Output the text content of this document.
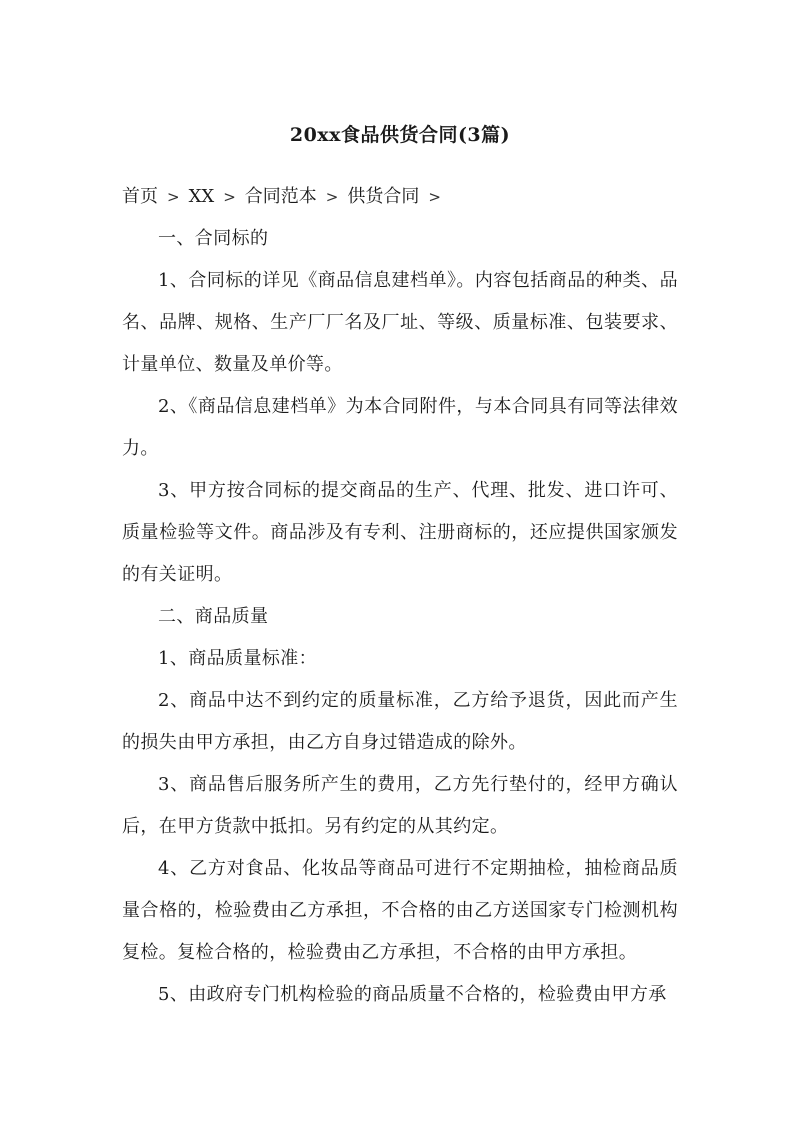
20xx食品供货合同(3篇)
首页 > XX > 合同范本 > 供货合同 >

一、合同标的

1、合同标的详见《商品信息建档单》。内容包括商品的种类、品名、品牌、规格、生产厂厂名及厂址、等级、质量标准、包装要求、计量单位、数量及单价等。

2、《商品信息建档单》为本合同附件，与本合同具有同等法律效力。

3、甲方按合同标的提交商品的生产、代理、批发、进口许可、质量检验等文件。商品涉及有专利、注册商标的，还应提供国家颁发的有关证明。

二、商品质量

1、商品质量标准：

2、商品中达不到约定的质量标准，乙方给予退货，因此而产生的损失由甲方承担，由乙方自身过错造成的除外。

3、商品售后服务所产生的费用，乙方先行垫付的，经甲方确认后，在甲方货款中抵扣。另有约定的从其约定。

4、乙方对食品、化妆品等商品可进行不定期抽检，抽检商品质量合格的，检验费由乙方承担，不合格的由乙方送国家专门检测机构复检。复检合格的，检验费由乙方承担，不合格的由甲方承担。

5、由政府专门机构检验的商品质量不合格的，检验费由甲方承
